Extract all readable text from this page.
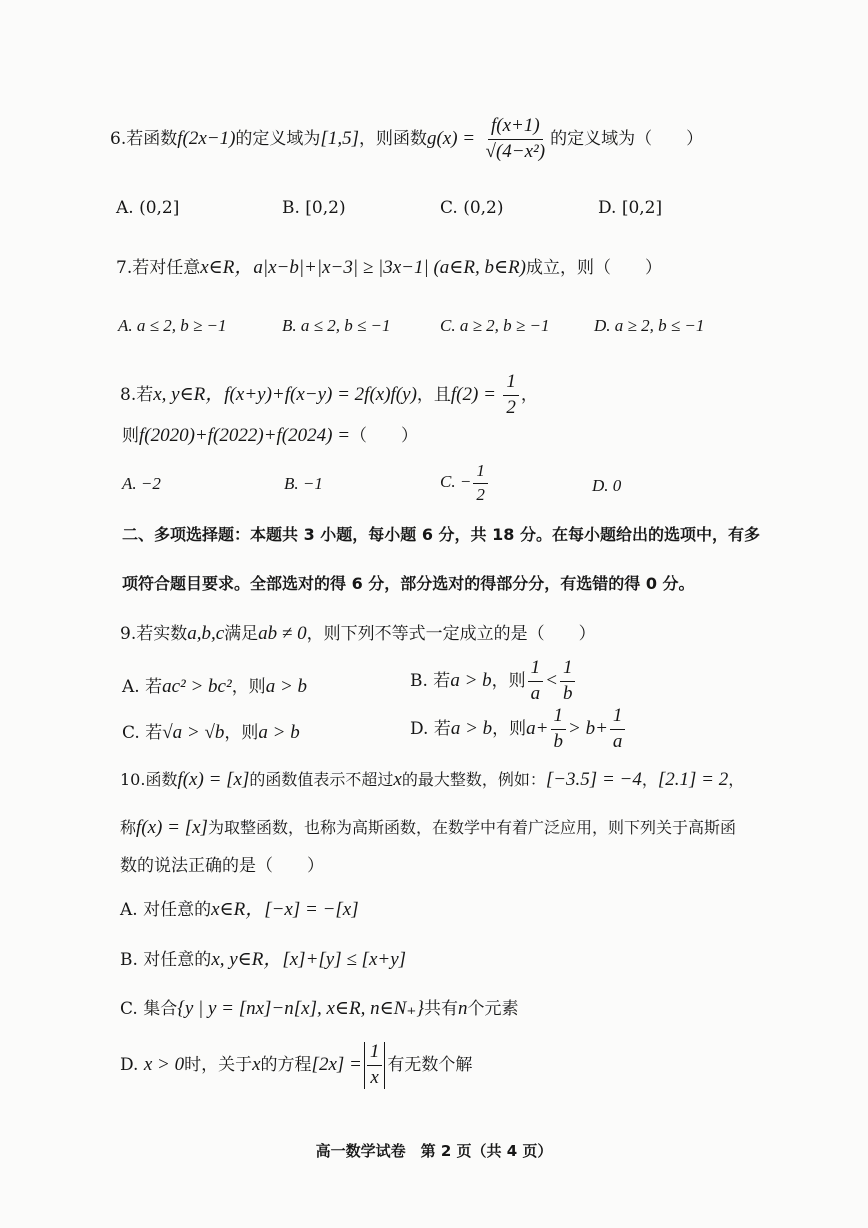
6.若函数f(2x−1)的定义域为[1,5]，则函数$g(x) = \frac{f(x+1)}{\text{√(4−x²)}}$ 的定义域为（　　）
A. (0,2]	B. [0,2)	C. (0,2)	D. [0,2]
7.若对任意x∈R，a|x−b|+|x−3| ≥ |3x−1| (a∈R, b∈R)成立，则（　　）
A. a ≤ 2, b ≥ −1	B. a ≤ 2, b ≤ −1	C. a ≥ 2, b ≥ −1	D. a ≥ 2, b ≤ −1
8.若x, y∈R，f(x+y)+f(x−y) = 2f(x)f(y)，且$f(2) = \frac{1}{2}$ ，
则f(2020)+f(2022)+f(2024) =（　　）
A. −2	B. −1	C. − $\frac{1}{2}$	D. 0
二、多项选择题：本题共 3 小题，每小题 6 分，共 18 分。在每小题给出的选项中，有多
项符合题目要求。全部选对的得 6 分，部分选对的得部分分，有选错的得 0 分。
9.若实数a,b,c满足ab ≠ 0，则下列不等式一定成立的是（　　）
A. 若ac² > bc²，则a > b	B. 若a > b，则 $\frac{1}{a} < \frac{1}{b}$
C. 若√a > √b，则a > b	D. 若a > b，则$a+ \frac{1}{b} > b+ \frac{1}{a}$
10.函数f(x) = [x]的函数值表示不超过x的最大整数，例如：[−3.5] = −4，[2.1] = 2，
称f(x) = [x]为取整函数，也称为高斯函数，在数学中有着广泛应用，则下列关于高斯函
数的说法正确的是（　　）
A. 对任意的x∈R，[−x] = −[x]
B. 对任意的x, y∈R，[x]+[y] ≤ [x+y]
C. 集合{y | y = [nx]−n[x], x∈R, n∈N₊}共有n个元素
D. x > 0时，关于x的方程$[2x] = \frac{1}{x}$ 有无数个解
高一数学试卷　第 2 页（共 4 页）
